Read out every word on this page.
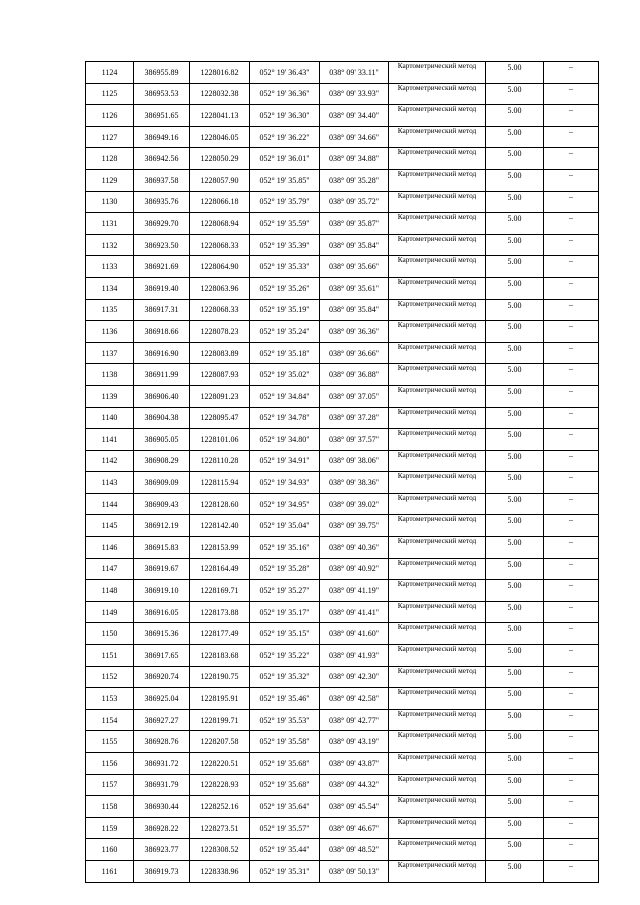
1124	386955.89	1228016.82	052° 19' 36.43"	038° 09' 33.11"	Картометрический метод	5.00	–
1125	386953.53	1228032.38	052° 19' 36.36"	038° 09' 33.93"	Картометрический метод	5.00	–
1126	386951.65	1228041.13	052° 19' 36.30"	038° 09' 34.40"	Картометрический метод	5.00	–
1127	386949.16	1228046.05	052° 19' 36.22"	038° 09' 34.66"	Картометрический метод	5.00	–
1128	386942.56	1228050.29	052° 19' 36.01"	038° 09' 34.88"	Картометрический метод	5.00	–
1129	386937.58	1228057.90	052° 19' 35.85"	038° 09' 35.28"	Картометрический метод	5.00	–
1130	386935.76	1228066.18	052° 19' 35.79"	038° 09' 35.72"	Картометрический метод	5.00	–
1131	386929.70	1228068.94	052° 19' 35.59"	038° 09' 35.87"	Картометрический метод	5.00	–
1132	386923.50	1228068.33	052° 19' 35.39"	038° 09' 35.84"	Картометрический метод	5.00	–
1133	386921.69	1228064.90	052° 19' 35.33"	038° 09' 35.66"	Картометрический метод	5.00	–
1134	386919.40	1228063.96	052° 19' 35.26"	038° 09' 35.61"	Картометрический метод	5.00	–
1135	386917.31	1228068.33	052° 19' 35.19"	038° 09' 35.84"	Картометрический метод	5.00	–
1136	386918.66	1228078.23	052° 19' 35.24"	038° 09' 36.36"	Картометрический метод	5.00	–
1137	386916.90	1228083.89	052° 19' 35.18"	038° 09' 36.66"	Картометрический метод	5.00	–
1138	386911.99	1228087.93	052° 19' 35.02"	038° 09' 36.88"	Картометрический метод	5.00	–
1139	386906.40	1228091.23	052° 19' 34.84"	038° 09' 37.05"	Картометрический метод	5.00	–
1140	386904.38	1228095.47	052° 19' 34.78"	038° 09' 37.28"	Картометрический метод	5.00	–
1141	386905.05	1228101.06	052° 19' 34.80"	038° 09' 37.57"	Картометрический метод	5.00	–
1142	386908.29	1228110.28	052° 19' 34.91"	038° 09' 38.06"	Картометрический метод	5.00	–
1143	386909.09	1228115.94	052° 19' 34.93"	038° 09' 38.36"	Картометрический метод	5.00	–
1144	386909.43	1228128.60	052° 19' 34.95"	038° 09' 39.02"	Картометрический метод	5.00	–
1145	386912.19	1228142.40	052° 19' 35.04"	038° 09' 39.75"	Картометрический метод	5.00	–
1146	386915.83	1228153.99	052° 19' 35.16"	038° 09' 40.36"	Картометрический метод	5.00	–
1147	386919.67	1228164.49	052° 19' 35.28"	038° 09' 40.92"	Картометрический метод	5.00	–
1148	386919.10	1228169.71	052° 19' 35.27"	038° 09' 41.19"	Картометрический метод	5.00	–
1149	386916.05	1228173.88	052° 19' 35.17"	038° 09' 41.41"	Картометрический метод	5.00	–
1150	386915.36	1228177.49	052° 19' 35.15"	038° 09' 41.60"	Картометрический метод	5.00	–
1151	386917.65	1228183.68	052° 19' 35.22"	038° 09' 41.93"	Картометрический метод	5.00	–
1152	386920.74	1228190.75	052° 19' 35.32"	038° 09' 42.30"	Картометрический метод	5.00	–
1153	386925.04	1228195.91	052° 19' 35.46"	038° 09' 42.58"	Картометрический метод	5.00	–
1154	386927.27	1228199.71	052° 19' 35.53"	038° 09' 42.77"	Картометрический метод	5.00	–
1155	386928.76	1228207.58	052° 19' 35.58"	038° 09' 43.19"	Картометрический метод	5.00	–
1156	386931.72	1228220.51	052° 19' 35.68"	038° 09' 43.87"	Картометрический метод	5.00	–
1157	386931.79	1228228.93	052° 19' 35.68"	038° 09' 44.32"	Картометрический метод	5.00	–
1158	386930.44	1228252.16	052° 19' 35.64"	038° 09' 45.54"	Картометрический метод	5.00	–
1159	386928.22	1228273.51	052° 19' 35.57"	038° 09' 46.67"	Картометрический метод	5.00	–
1160	386923.77	1228308.52	052° 19' 35.44"	038° 09' 48.52"	Картометрический метод	5.00	–
1161	386919.73	1228338.96	052° 19' 35.31"	038° 09' 50.13"	Картометрический метод	5.00	–
